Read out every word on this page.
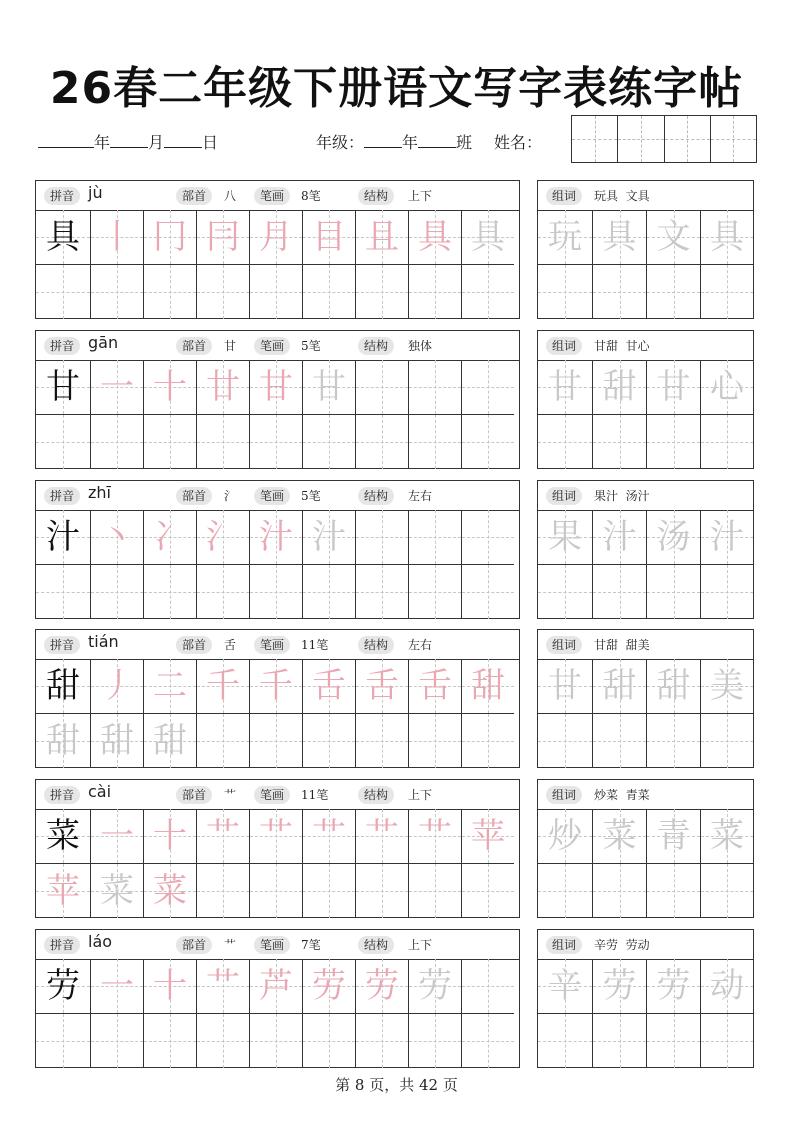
26春二年级下册语文写字表练字帖
年 月 日	年级： 年 班 姓名：
拼音 jù	部首	八	笔画	8笔	结构	上下
具 丨 冂 冃 月 目 且 具 具
组词	玩具  文具
玩 具 文 具
拼音 gān	部首	甘	笔画	5笔	结构	独体
甘 一 十 廿 甘 甘
组词	甘甜  甘心
甘 甜 甘 心
拼音 zhī	部首	氵	笔画	5笔	结构	左右
汁 丶 冫 氵 汁 汁
组词	果汁  汤汁
果 汁 汤 汁
拼音 tián	部首	舌	笔画	11笔	结构	左右
甜 丿 二 千 千 舌 舌 舌 甜
甜 甜 甜
组词	甘甜  甜美
甘 甜 甜 美
拼音 cài	部首	艹	笔画	11笔	结构	上下
菜 一 十 艹 艹 艹 艹 艹 苹
苹 菜 菜
组词	炒菜  青菜
炒 菜 青 菜
拼音 láo	部首	艹	笔画	7笔	结构	上下
劳 一 十 艹 芦 劳 劳 劳
组词	辛劳  劳动
辛 劳 劳 动
第 8 页，共 42 页
